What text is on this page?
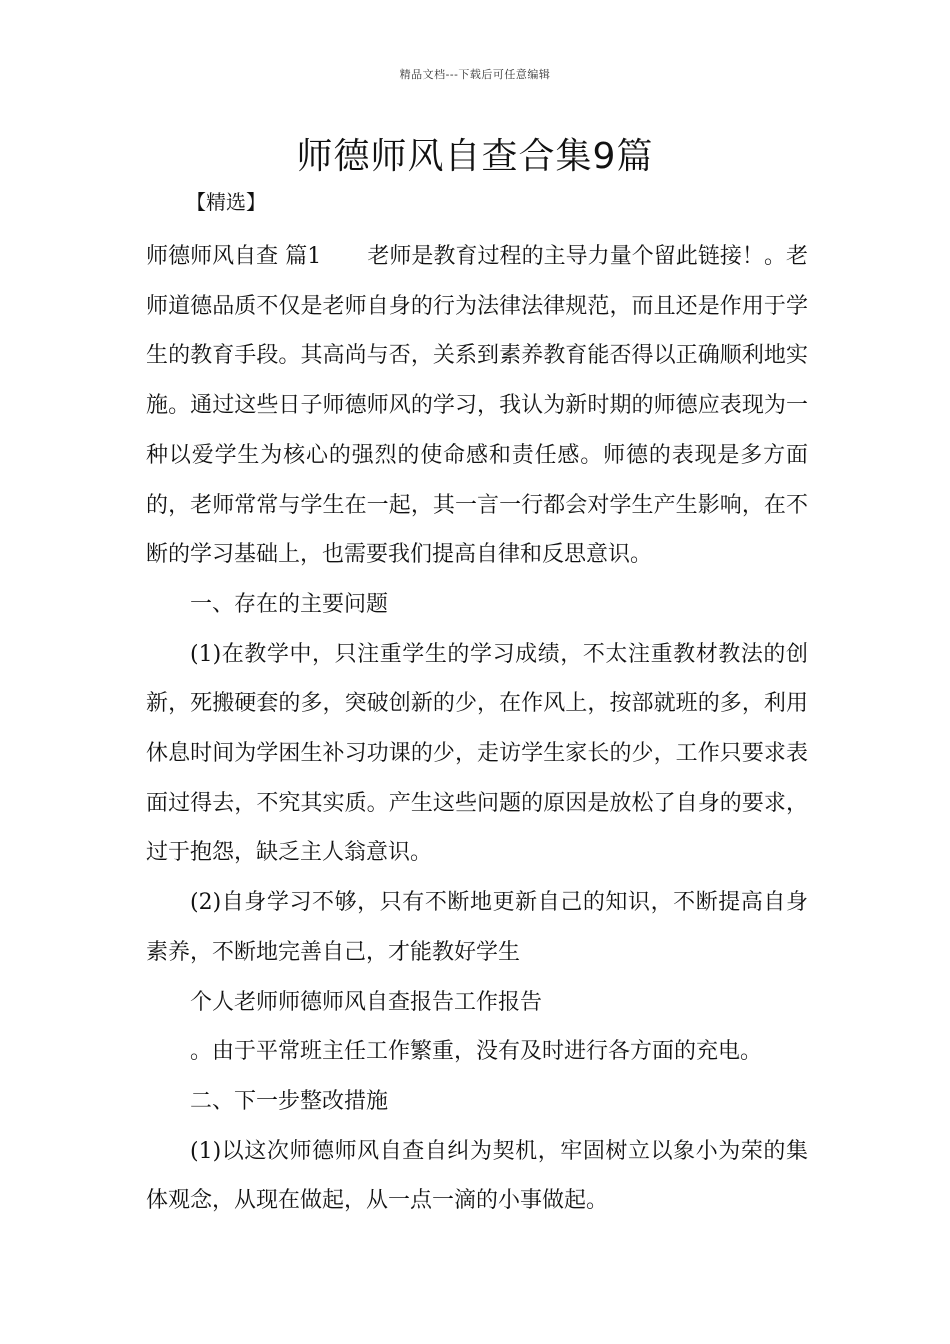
精品文档---下载后可任意编辑
师德师风自查合集9篇
【精选】

师德师风自查 篇1 老师是教育过程的主导力量个留此链接！。老师道德品质不仅是老师自身的行为法律法律规范，而且还是作用于学生的教育手段。其高尚与否，关系到素养教育能否得以正确顺利地实施。通过这些日子师德师风的学习，我认为新时期的师德应表现为一种以爱学生为核心的强烈的使命感和责任感。师德的表现是多方面的，老师常常与学生在一起，其一言一行都会对学生产生影响，在不断的学习基础上，也需要我们提高自律和反思意识。

一、存在的主要问题

(1)在教学中，只注重学生的学习成绩，不太注重教材教法的创新，死搬硬套的多，突破创新的少，在作风上，按部就班的多，利用休息时间为学困生补习功课的少，走访学生家长的少，工作只要求表面过得去，不究其实质。产生这些问题的原因是放松了自身的要求，过于抱怨，缺乏主人翁意识。

(2)自身学习不够，只有不断地更新自己的知识，不断提高自身素养，不断地完善自己，才能教好学生

个人老师师德师风自查报告工作报告

。由于平常班主任工作繁重，没有及时进行各方面的充电。

二、下一步整改措施

(1)以这次师德师风自查自纠为契机，牢固树立以象小为荣的集体观念，从现在做起，从一点一滴的小事做起。
